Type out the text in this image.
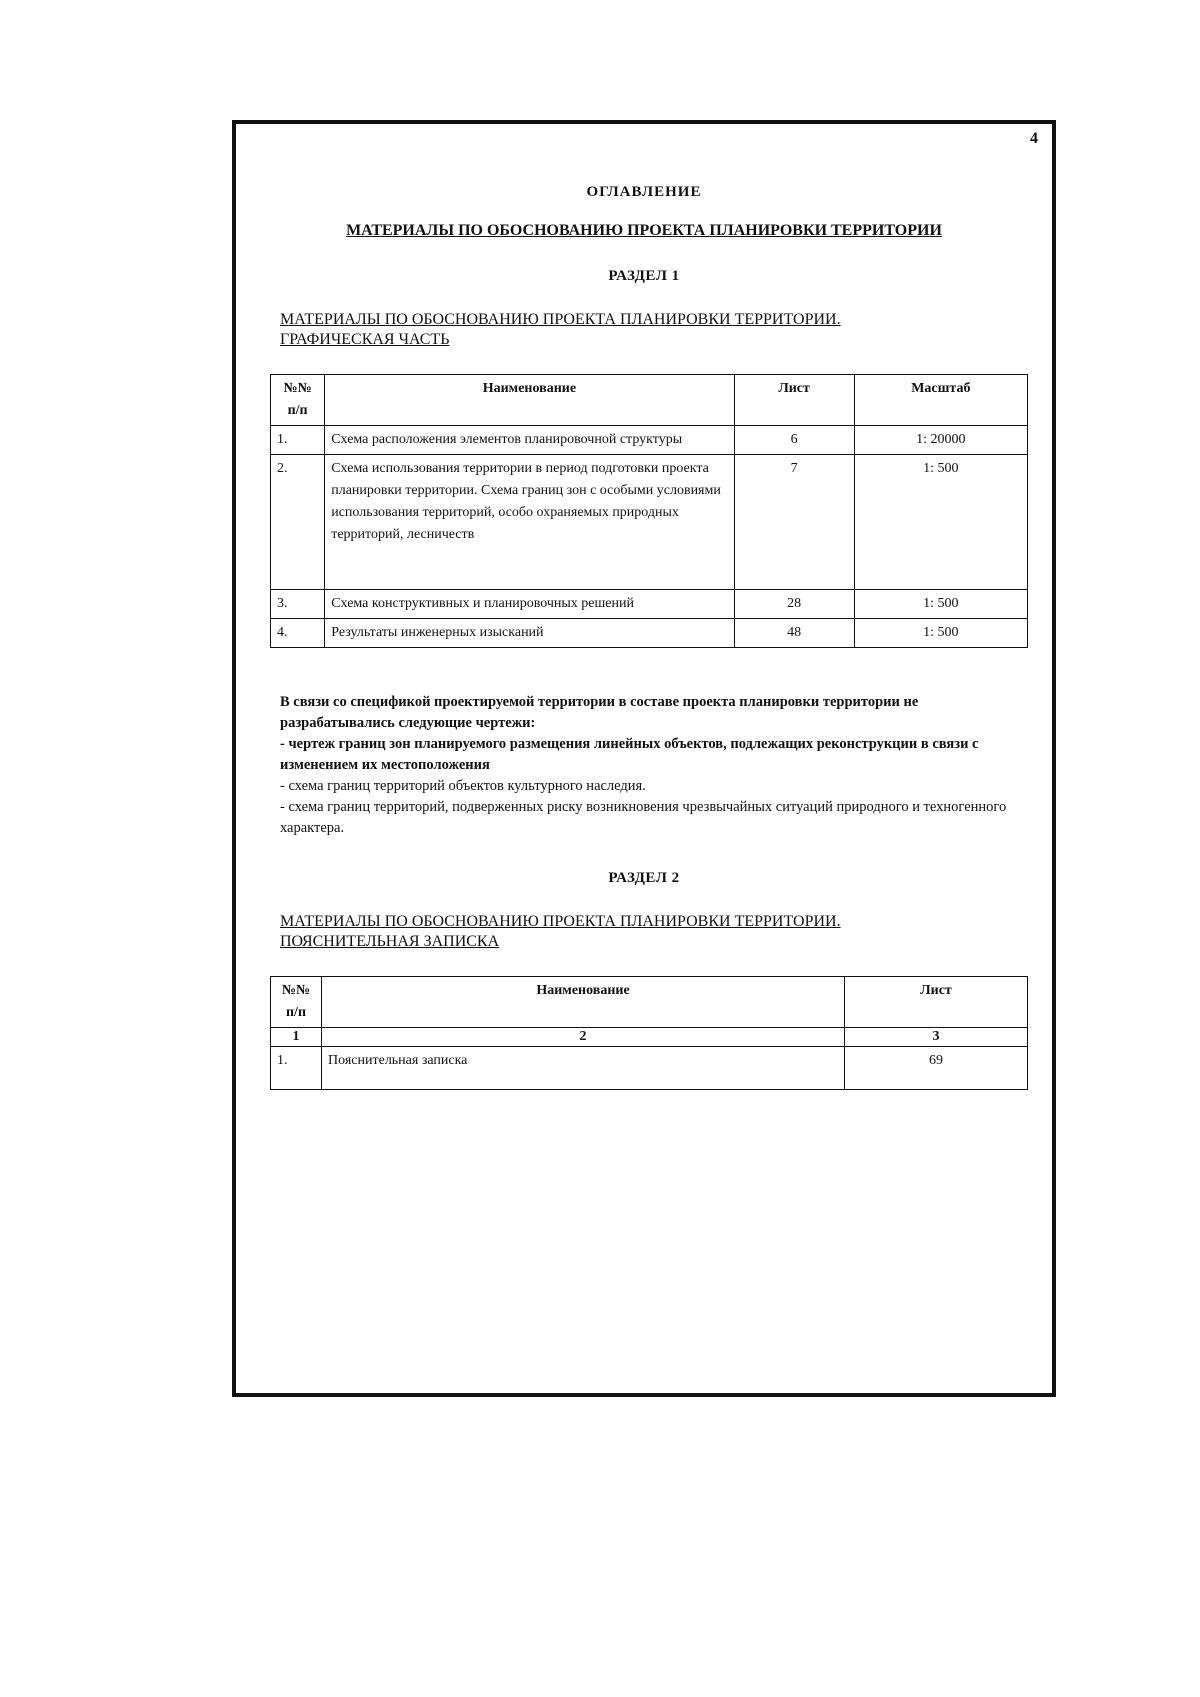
4
ОГЛАВЛЕНИЕ
МАТЕРИАЛЫ ПО ОБОСНОВАНИЮ ПРОЕКТА ПЛАНИРОВКИ ТЕРРИТОРИИ
РАЗДЕЛ 1
МАТЕРИАЛЫ ПО ОБОСНОВАНИЮ ПРОЕКТА ПЛАНИРОВКИ ТЕРРИТОРИИ.
ГРАФИЧЕСКАЯ ЧАСТЬ
№№
п/п	Наименование	Лист	Масштаб
1.	Схема расположения элементов планировочной структуры	6	1: 20000
2.	Схема использования территории в период подготовки проекта планировки территории. Схема границ зон с особыми условиями использования территорий, особо охраняемых природных территорий, лесничеств	7	1: 500
3.	Схема конструктивных и планировочных решений	28	1: 500
4.	Результаты инженерных изысканий	48	1: 500

В связи со спецификой проектируемой территории в составе проекта планировки территории не разрабатывались следующие чертежи:

- чертеж границ зон планируемого размещения линейных объектов, подлежащих реконструкции в связи с изменением их местоположения

- схема границ территорий объектов культурного наследия.

- схема границ территорий, подверженных риску возникновения чрезвычайных ситуаций природного и техногенного характера.

РАЗДЕЛ 2
МАТЕРИАЛЫ ПО ОБОСНОВАНИЮ ПРОЕКТА ПЛАНИРОВКИ ТЕРРИТОРИИ.
ПОЯСНИТЕЛЬНАЯ ЗАПИСКА
№№
п/п	Наименование	Лист
1	2	3
1.	Пояснительная записка	69
